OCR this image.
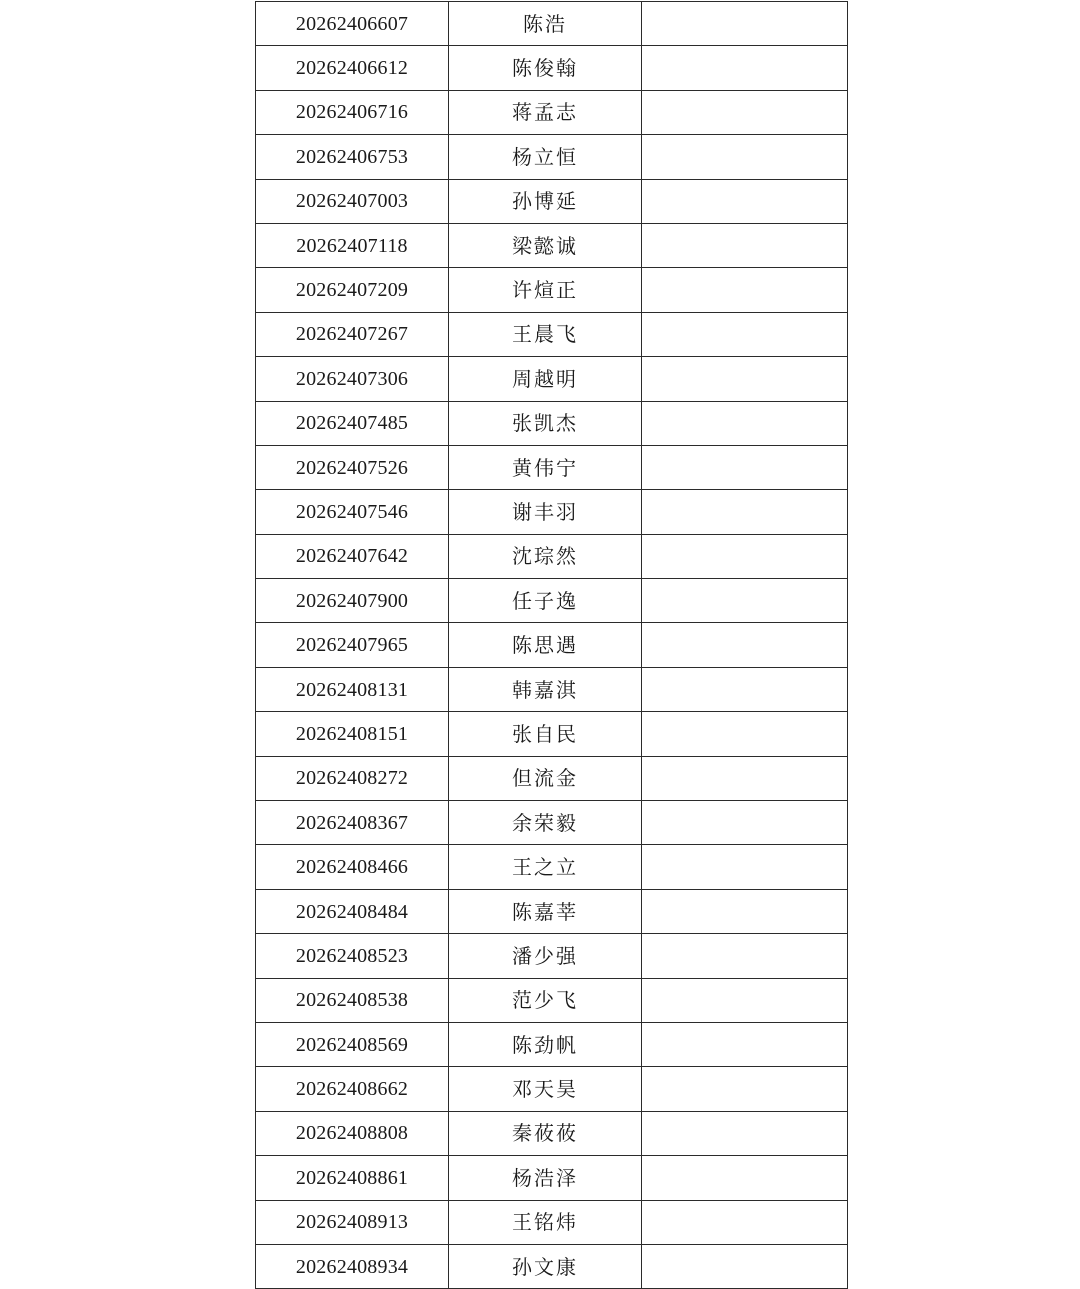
20262406607	陈浩	
20262406612	陈俊翰	
20262406716	蒋孟志	
20262406753	杨立恒	
20262407003	孙博延	
20262407118	梁懿诚	
20262407209	许煊正	
20262407267	王晨飞	
20262407306	周越明	
20262407485	张凯杰	
20262407526	黄伟宁	
20262407546	谢丰羽	
20262407642	沈琮然	
20262407900	任子逸	
20262407965	陈思遇	
20262408131	韩嘉淇	
20262408151	张自民	
20262408272	但流金	
20262408367	余荣毅	
20262408466	王之立	
20262408484	陈嘉莘	
20262408523	潘少强	
20262408538	范少飞	
20262408569	陈劲帆	
20262408662	邓天昊	
20262408808	秦莜莜	
20262408861	杨浩泽	
20262408913	王铭炜	
20262408934	孙文康	
